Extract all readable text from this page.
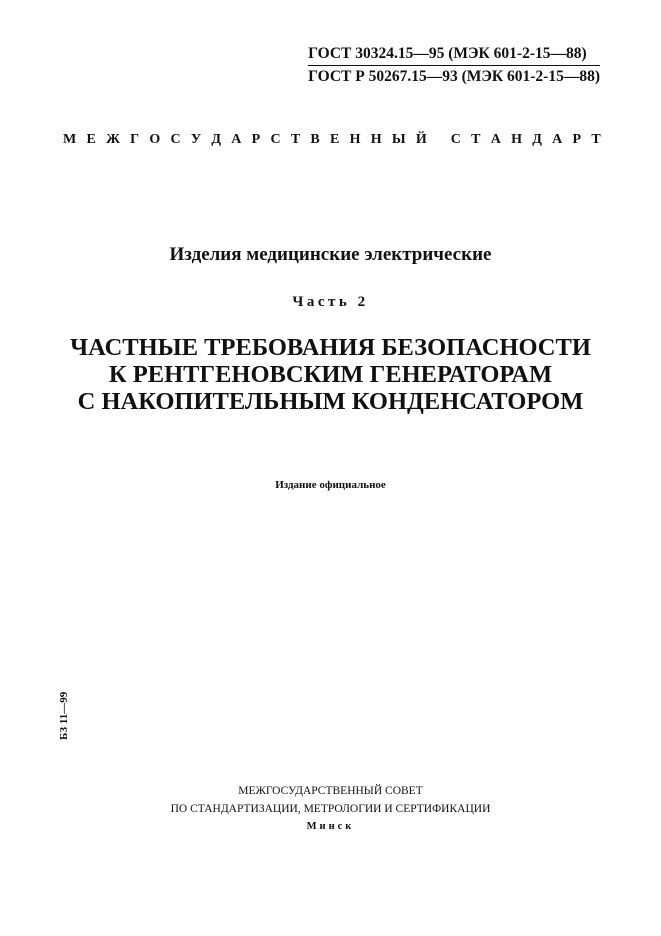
ГОСТ 30324.15—95 (МЭК 601-2-15—88)
ГОСТ Р 50267.15—93 (МЭК 601-2-15—88)
М Е Ж Г О С У Д А Р С Т В Е Н Н Ы Й
С Т А Н Д А Р Т
Изделия медицинские электрические
Часть 2
ЧАСТНЫЕ ТРЕБОВАНИЯ БЕЗОПАСНОСТИ
К РЕНТГЕНОВСКИМ ГЕНЕРАТОРАМ
С НАКОПИТЕЛЬНЫМ КОНДЕНСАТОРОМ
Издание официальное
БЗ 11—99
МЕЖГОСУДАРСТВЕННЫЙ СОВЕТ
ПО СТАНДАРТИЗАЦИИ, МЕТРОЛОГИИ И СЕРТИФИКАЦИИ
Минск
